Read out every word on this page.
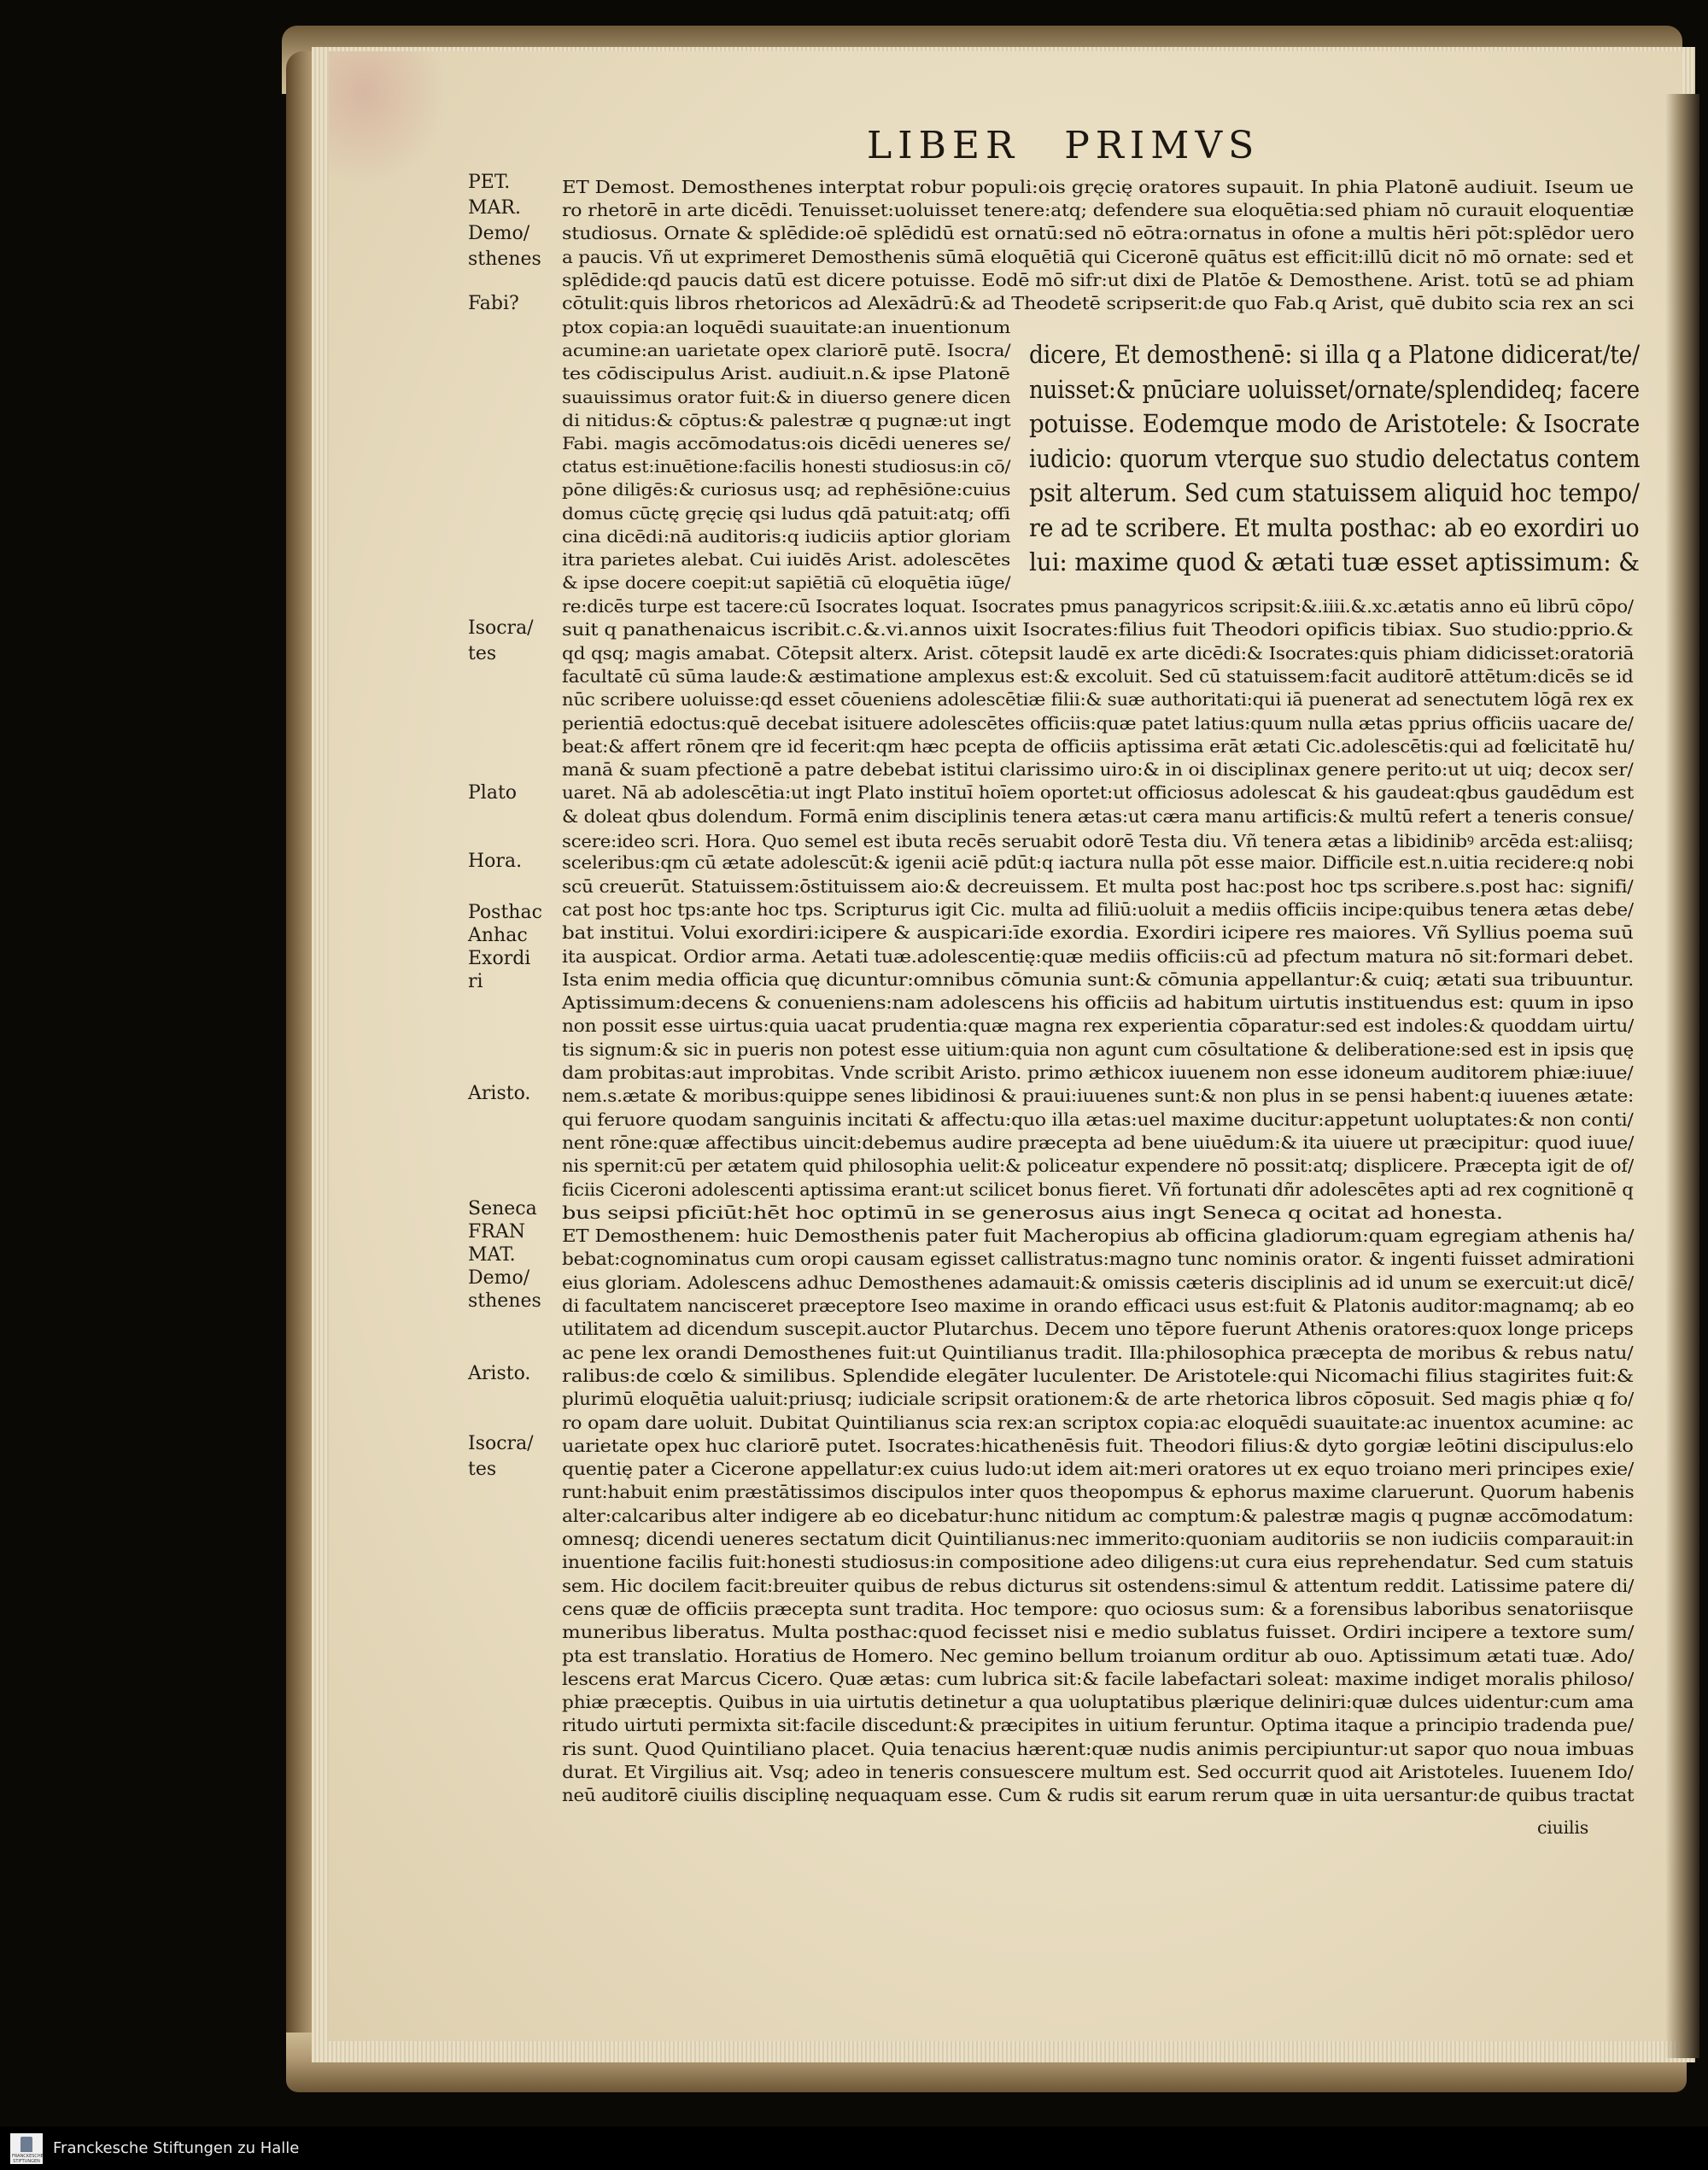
LIBER PRIMVS
PET.
MAR.
Demo/
sthenes
Fabi?
Isocra/
tes
Plato
Hora.
Posthac
Anhac
Exordi
ri
Aristo.
Seneca
FRAN
MAT.
Demo/
sthenes
Aristo.
Isocra/
tes
ET Demost. Demosthenes interptat robur populi:ois gręcię oratores supauit. In phia Platonē audiuit. Iseum ue
ro rhetorē in arte dicēdi. Tenuisset:uoluisset tenere:atq; defendere sua eloquētia:sed phiam nō curauit eloquentiæ
studiosus. Ornate & splēdide:oē splēdidū est ornatū:sed nō eōtra:ornatus in ofone a multis hēri pōt:splēdor uero
a paucis. Vñ ut exprimeret Demosthenis sūmā eloquētiā qui Ciceronē quātus est efficit:illū dicit nō mō ornate: sed et
splēdide:qd paucis datū est dicere potuisse. Eodē mō sifr:ut dixi de Platōe & Demosthene. Arist. totū se ad phiam
cōtulit:quis libros rhetoricos ad Alexādrū:& ad Theodetē scripserit:de quo Fab.q Arist, quē dubito scia rex an sci
ptox copia:an loquēdi suauitate:an inuentionum
acumine:an uarietate opex clariorē putē. Isocra/
tes cōdiscipulus Arist. audiuit.n.& ipse Platonē
suauissimus orator fuit:& in diuerso genere dicen
di nitidus:& cōptus:& palestræ q pugnæ:ut ingt
Fabi. magis accōmodatus:ois dicēdi ueneres se/
ctatus est:inuētione:facilis honesti studiosus:in cō/
pōne diligēs:& curiosus usq; ad rephēsiōne:cuius
domus cūctę gręcię qsi ludus qdā patuit:atq; offi
cina dicēdi:nā auditoris:q iudiciis aptior gloriam
itra parietes alebat. Cui iuidēs Arist. adolescētes
& ipse docere coepit:ut sapiētiā cū eloquētia iūge/
dicere, Et demosthenē: si illa q a Platone didicerat/te/
nuisset:& pnūciare uoluisset/ornate/splendideq; facere
potuisse. Eodemque modo de Aristotele: & Isocrate
iudicio: quorum vterque suo studio delectatus contem
psit alterum. Sed cum statuissem aliquid hoc tempo/
re ad te scribere. Et multa posthac: ab eo exordiri uo
lui: maxime quod & ætati tuæ esset aptissimum: &
re:dicēs turpe est tacere:cū Isocrates loquat. Isocrates pmus panagyricos scripsit:&.iiii.&.xc.ætatis anno eū librū cōpo/
suit q panathenaicus iscribit.c.&.vi.annos uixit Isocrates:filius fuit Theodori opificis tibiax. Suo studio:pprio.&
qd qsq; magis amabat. Cōtepsit alterx. Arist. cōtepsit laudē ex arte dicēdi:& Isocrates:quis phiam didicisset:oratoriā
facultatē cū sūma laude:& æstimatione amplexus est:& excoluit. Sed cū statuissem:facit auditorē attētum:dicēs se id
nūc scribere uoluisse:qd esset cōueniens adolescētiæ filii:& suæ authoritati:qui iā puenerat ad senectutem lōgā rex ex
perientiā edoctus:quē decebat isituere adolescētes officiis:quæ patet latius:quum nulla ætas pprius officiis uacare de/
beat:& affert rōnem qre id fecerit:qm hæc pcepta de officiis aptissima erāt ætati Cic.adolescētis:qui ad fœlicitatē hu/
manā & suam pfectionē a patre debebat istitui clarissimo uiro:& in oi disciplinax genere perito:ut ut uiq; decox ser/
uaret. Nā ab adolescētia:ut ingt Plato instituī hoīem oportet:ut officiosus adolescat & his gaudeat:qbus gaudēdum est
& doleat qbus dolendum. Formā enim disciplinis tenera ætas:ut cæra manu artificis:& multū refert a teneris consue/
scere:ideo scri. Hora. Quo semel est ibuta recēs seruabit odorē Testa diu. Vñ tenera ætas a libidinibꝰ arcēda est:aliisq;
sceleribus:qm cū ætate adolescūt:& igenii aciē pdūt:q iactura nulla pōt esse maior. Difficile est.n.uitia recidere:q nobi
scū creuerūt. Statuissem:ōstituissem aio:& decreuissem. Et multa post hac:post hoc tps scribere.s.post hac: signifi/
cat post hoc tps:ante hoc tps. Scripturus igit Cic. multa ad filiū:uoluit a mediis officiis incipe:quibus tenera ætas debe/
bat institui. Volui exordiri:icipere & auspicari:īde exordia. Exordiri icipere res maiores. Vñ Syllius poema suū
ita auspicat. Ordior arma. Aetati tuæ.adolescentię:quæ mediis officiis:cū ad pfectum matura nō sit:formari debet.
Ista enim media officia quę dicuntur:omnibus cōmunia sunt:& cōmunia appellantur:& cuiq; ætati sua tribuuntur.
Aptissimum:decens & conueniens:nam adolescens his officiis ad habitum uirtutis instituendus est: quum in ipso
non possit esse uirtus:quia uacat prudentia:quæ magna rex experientia cōparatur:sed est indoles:& quoddam uirtu/
tis signum:& sic in pueris non potest esse uitium:quia non agunt cum cōsultatione & deliberatione:sed est in ipsis quę
dam probitas:aut improbitas. Vnde scribit Aristo. primo æthicox iuuenem non esse idoneum auditorem phiæ:iuue/
nem.s.ætate & moribus:quippe senes libidinosi & praui:iuuenes sunt:& non plus in se pensi habent:q iuuenes ætate:
qui feruore quodam sanguinis incitati & affectu:quo illa ætas:uel maxime ducitur:appetunt uoluptates:& non conti/
nent rōne:quæ affectibus uincit:debemus audire præcepta ad bene uiuēdum:& ita uiuere ut præcipitur: quod iuue/
nis spernit:cū per ætatem quid philosophia uelit:& policeatur expendere nō possit:atq; displicere. Præcepta igit de of/
ficiis Ciceroni adolescenti aptissima erant:ut scilicet bonus fieret. Vñ fortunati dñr adolescētes apti ad rex cognitionē q
bus seipsi pficiūt:hēt hoc optimū in se generosus aius ingt Seneca q ocitat ad honesta.
ET Demosthenem: huic Demosthenis pater fuit Macheropius ab officina gladiorum:quam egregiam athenis ha/
bebat:cognominatus cum oropi causam egisset callistratus:magno tunc nominis orator. & ingenti fuisset admirationi
eius gloriam. Adolescens adhuc Demosthenes adamauit:& omissis cæteris disciplinis ad id unum se exercuit:ut dicē/
di facultatem nancisceret præceptore Iseo maxime in orando efficaci usus est:fuit & Platonis auditor:magnamq; ab eo
utilitatem ad dicendum suscepit.auctor Plutarchus. Decem uno tēpore fuerunt Athenis oratores:quox longe priceps
ac pene lex orandi Demosthenes fuit:ut Quintilianus tradit. Illa:philosophica præcepta de moribus & rebus natu/
ralibus:de cœlo & similibus. Splendide elegāter luculenter. De Aristotele:qui Nicomachi filius stagirites fuit:&
plurimū eloquētia ualuit:priusq; iudiciale scripsit orationem:& de arte rhetorica libros cōposuit. Sed magis phiæ q fo/
ro opam dare uoluit. Dubitat Quintilianus scia rex:an scriptox copia:ac eloquēdi suauitate:ac inuentox acumine: ac
uarietate opex huc clariorē putet. Isocrates:hicathenēsis fuit. Theodori filius:& dyto gorgiæ leōtini discipulus:elo
quentię pater a Cicerone appellatur:ex cuius ludo:ut idem ait:meri oratores ut ex equo troiano meri principes exie/
runt:habuit enim præstātissimos discipulos inter quos theopompus & ephorus maxime claruerunt. Quorum habenis
alter:calcaribus alter indigere ab eo dicebatur:hunc nitidum ac comptum:& palestræ magis q pugnæ accōmodatum:
omnesq; dicendi ueneres sectatum dicit Quintilianus:nec immerito:quoniam auditoriis se non iudiciis comparauit:in
inuentione facilis fuit:honesti studiosus:in compositione adeo diligens:ut cura eius reprehendatur. Sed cum statuis
sem. Hic docilem facit:breuiter quibus de rebus dicturus sit ostendens:simul & attentum reddit. Latissime patere di/
cens quæ de officiis præcepta sunt tradita. Hoc tempore: quo ociosus sum: & a forensibus laboribus senatoriisque
muneribus liberatus. Multa posthac:quod fecisset nisi e medio sublatus fuisset. Ordiri incipere a textore sum/
pta est translatio. Horatius de Homero. Nec gemino bellum troianum orditur ab ouo. Aptissimum ætati tuæ. Ado/
lescens erat Marcus Cicero. Quæ ætas: cum lubrica sit:& facile labefactari soleat: maxime indiget moralis philoso/
phiæ præceptis. Quibus in uia uirtutis detinetur a qua uoluptatibus plærique deliniri:quæ dulces uidentur:cum ama
ritudo uirtuti permixta sit:facile discedunt:& præcipites in uitium feruntur. Optima itaque a principio tradenda pue/
ris sunt. Quod Quintiliano placet. Quia tenacius hærent:quæ nudis animis percipiuntur:ut sapor quo noua imbuas
durat. Et Virgilius ait. Vsq; adeo in teneris consuescere multum est. Sed occurrit quod ait Aristoteles. Iuuenem Ido/
neū auditorē ciuilis disciplinę nequaquam esse. Cum & rudis sit earum rerum quæ in uita uersantur:de quibus tractat
ciuilis
FRANCKESCHE STIFTUNGEN
Franckesche Stiftungen zu Halle
